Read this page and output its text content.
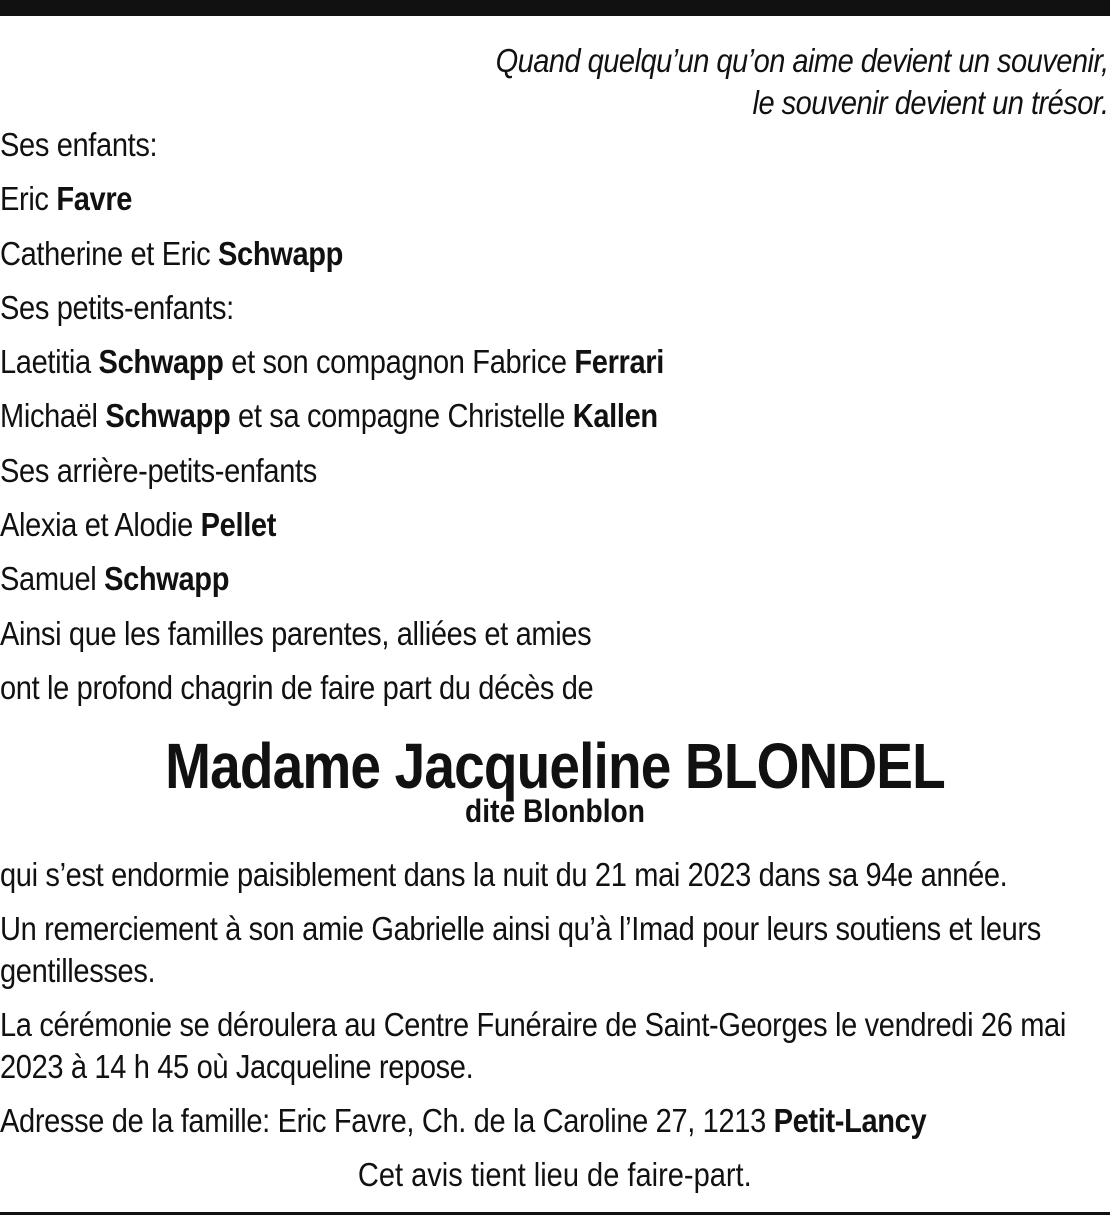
Quand quelqu’un qu’on aime devient un souvenir,
le souvenir devient un trésor.
Ses enfants:
Eric Favre
Catherine et Eric Schwapp
Ses petits-enfants:
Laetitia Schwapp et son compagnon Fabrice Ferrari
Michaël Schwapp et sa compagne Christelle Kallen
Ses arrière-petits-enfants
Alexia et Alodie Pellet
Samuel Schwapp
Ainsi que les familles parentes, alliées et amies
ont le profond chagrin de faire part du décès de
Madame Jacqueline BLONDEL
dite Blonblon

qui s’est endormie paisiblement dans la nuit du 21 mai 2023 dans sa 94e année.

Un remerciement à son amie Gabrielle ainsi qu’à l’Imad pour leurs soutiens et leurs gentillesses.

La cérémonie se déroulera au Centre Funéraire de Saint-Georges le vendredi 26 mai 2023 à 14 h 45 où Jacqueline repose.

Adresse de la famille: Eric Favre, Ch. de la Caroline 27, 1213 Petit-Lancy

Cet avis tient lieu de faire-part.
